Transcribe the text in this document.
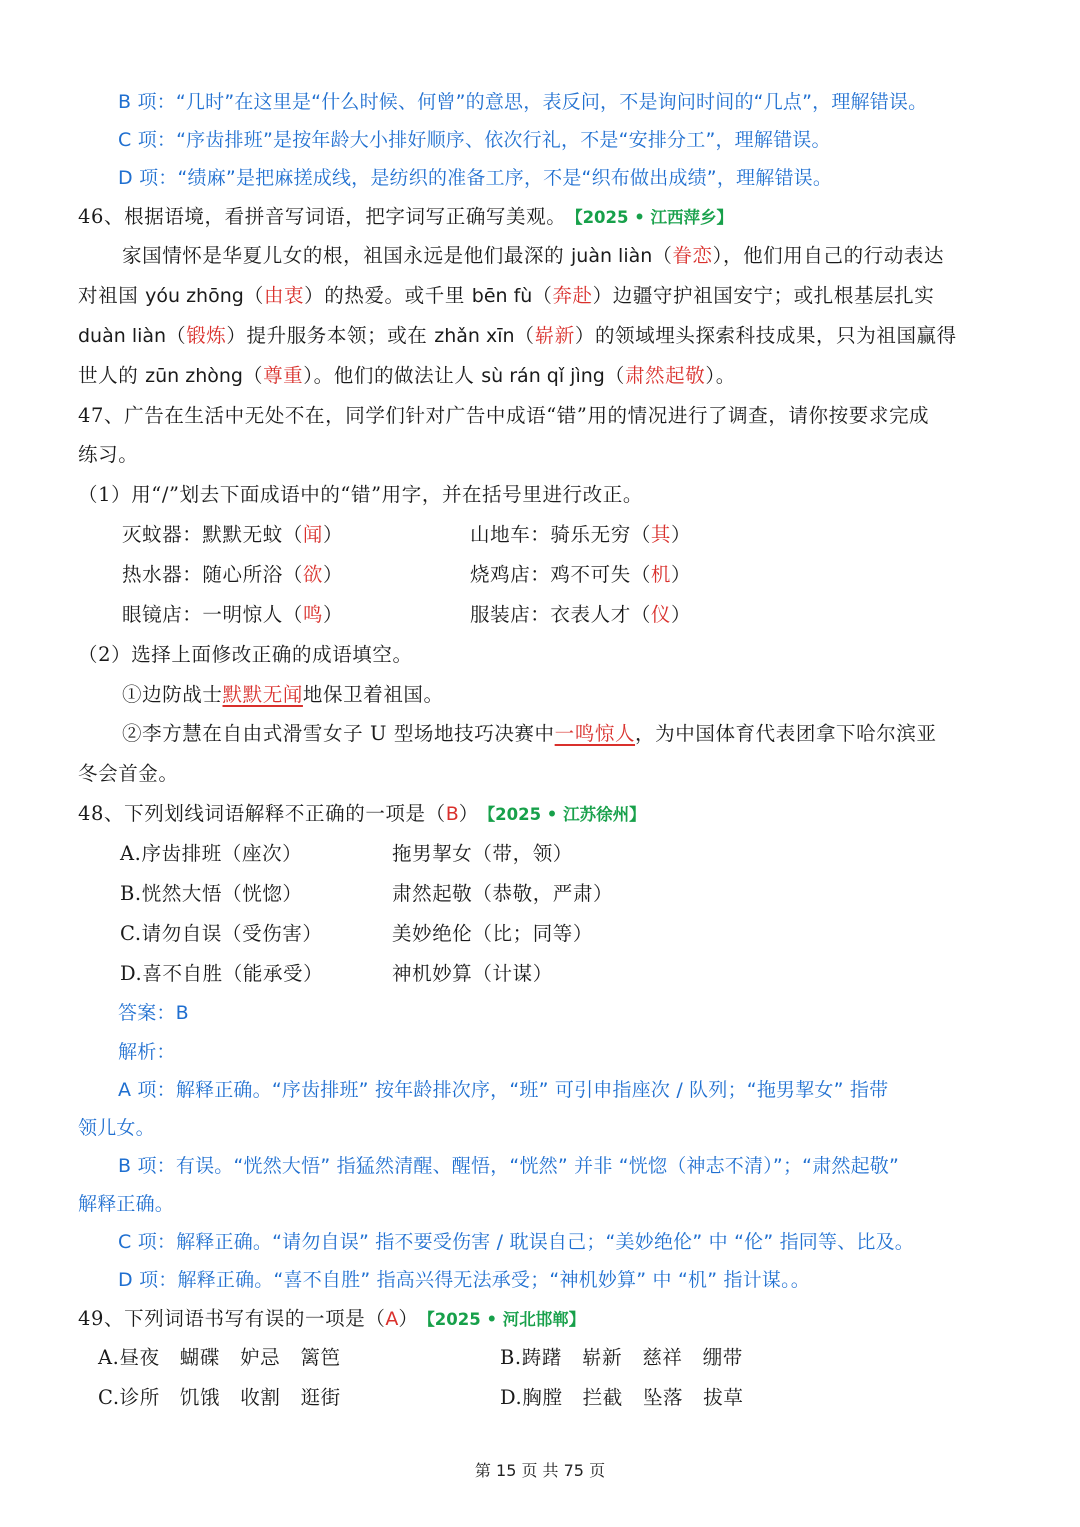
B 项：“几时”在这里是“什么时候、何曾”的意思，表反问，不是询问时间的“几点”，理解错误。
C 项：“序齿排班”是按年龄大小排好顺序、依次行礼，不是“安排分工”，理解错误。
D 项：“绩麻”是把麻搓成线，是纺织的准备工序，不是“织布做出成绩”，理解错误。
46、根据语境，看拼音写词语，把字词写正确写美观。 【2025 • 江西萍乡】
家国情怀是华夏儿女的根，祖国永远是他们最深的 juàn liàn（眷恋），他们用自己的行动表达
对祖国 yóu zhōng（由衷）的热爱。或千里 bēn fù（奔赴）边疆守护祖国安宁；或扎根基层扎实
duàn liàn（锻炼）提升服务本领；或在 zhǎn xīn（崭新）的领域埋头探索科技成果，只为祖国赢得
世人的 zūn zhòng（尊重）。他们的做法让人 sù rán qǐ jìng（肃然起敬）。
47、广告在生活中无处不在，同学们针对广告中成语“错”用的情况进行了调查，请你按要求完成
练习。
（1）用“/”划去下面成语中的“错”用字，并在括号里进行改正。
灭蚊器：默默无蚊（闻）	山地车：骑乐无穷（其）
热水器：随心所浴（欲）	烧鸡店：鸡不可失（机）
眼镜店：一明惊人（鸣）	服装店：衣表人才（仪）
（2）选择上面修改正确的成语填空。
①边防战士默默无闻地保卫着祖国。
②李方慧在自由式滑雪女子 U 型场地技巧决赛中一鸣惊人，为中国体育代表团拿下哈尔滨亚
冬会首金。
48、下列划线词语解释不正确的一项是（B） 【2025 • 江苏徐州】
A.序齿排班（座次）	拖男挈女（带，领）
B.恍然大悟（恍惚）	肃然起敬（恭敬，严肃）
C.请勿自误（受伤害）	美妙绝伦（比；同等）
D.喜不自胜（能承受）	神机妙算（计谋）
答案：B
解析：
A 项：解释正确。“序齿排班” 按年龄排次序，“班” 可引申指座次 / 队列；“拖男挈女” 指带
领儿女。
B 项：有误。“恍然大悟” 指猛然清醒、醒悟，“恍然” 并非 “恍惚（神志不清）”；“肃然起敬”
解释正确。
C 项：解释正确。“请勿自误” 指不要受伤害 / 耽误自己；“美妙绝伦” 中 “伦” 指同等、比及。
D 项：解释正确。“喜不自胜” 指高兴得无法承受；“神机妙算” 中 “机” 指计谋。。
49、下列词语书写有误的一项是（A） 【2025 • 河北邯郸】
A.昼夜　蝴碟　妒忌　篱笆	B.踌躇　崭新　慈祥　绷带
C.诊所　饥饿　收割　逛街	D.胸膛　拦截　坠落　拔草
第 15 页 共 75 页
